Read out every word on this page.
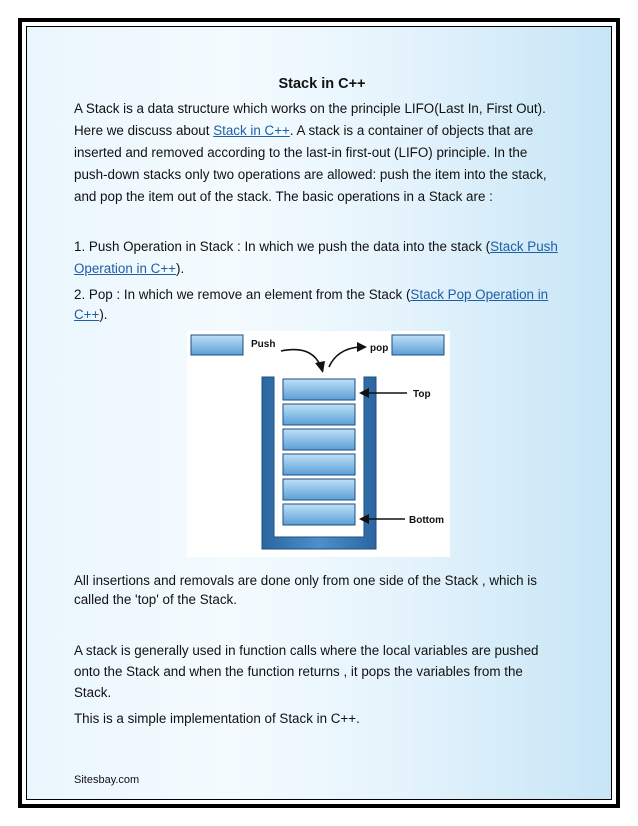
Stack in C++

A Stack is a data structure which works on the principle LIFO(Last In, First Out).

Here we discuss about Stack in C++. A stack is a container of objects that are

inserted and removed according to the last-in first-out (LIFO) principle. In the

push-down stacks only two operations are allowed: push the item into the stack,

and pop the item out of the stack. The basic operations in a Stack are :

1. Push Operation in Stack : In which we push the data into the stack (Stack Push

Operation in C++).

2. Pop : In which we remove an element from the Stack (Stack Pop Operation in

C++).

All insertions and removals are done only from one side of the Stack , which is

called the 'top' of the Stack.

A stack is generally used in function calls where the local variables are pushed

onto the Stack and when the function returns , it pops the variables from the

Stack.

This is a simple implementation of Stack in C++.

Push	pop
Top
Bottom
Sitesbay.com
